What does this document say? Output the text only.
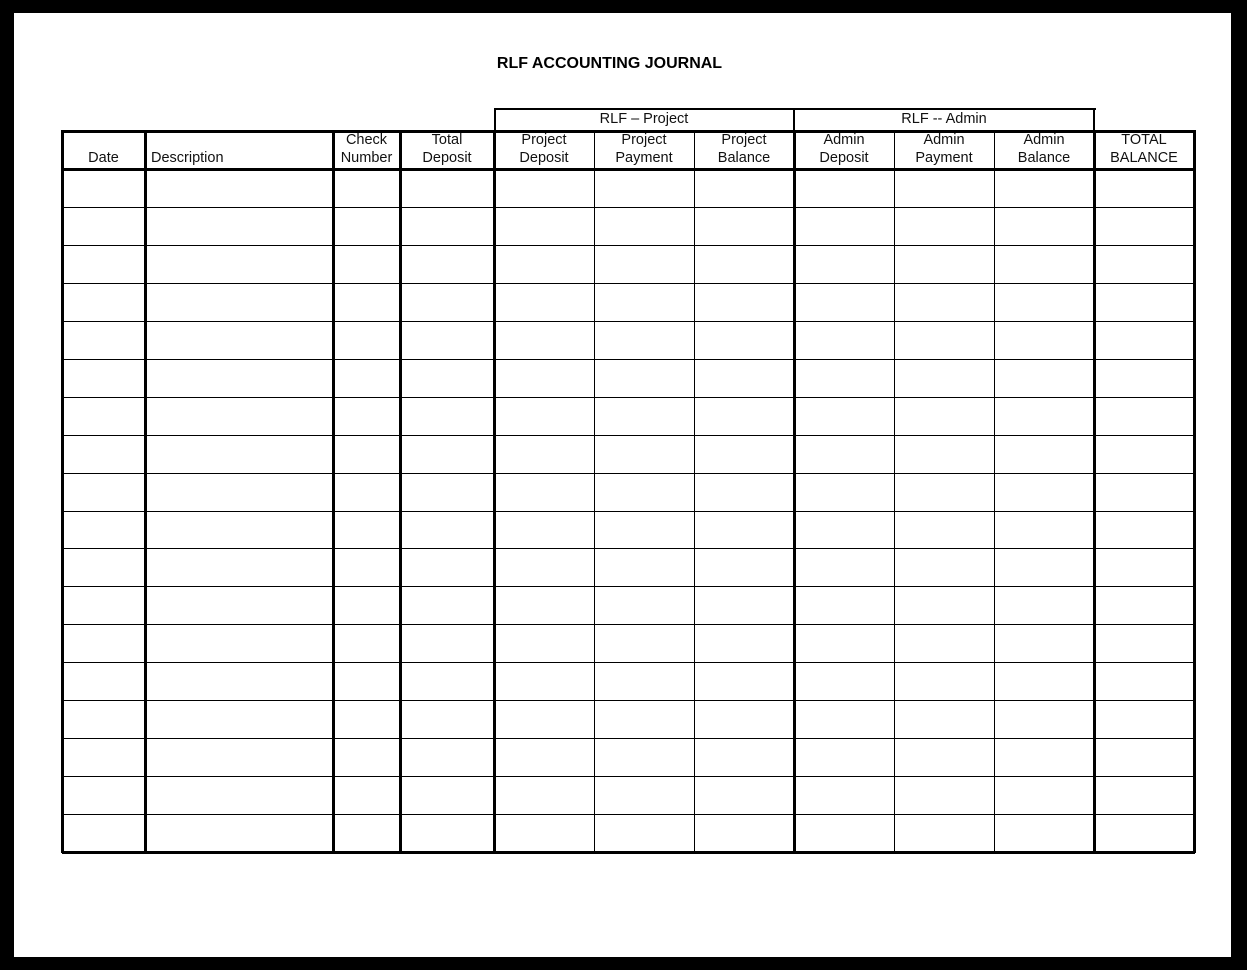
RLF ACCOUNTING JOURNAL
RLF – Project	RLF -- Admin
Date	Description
Check
Number
Total
Deposit
Project
Deposit
Project
Payment
Project
Balance
Admin
Deposit
Admin
Payment
Admin
Balance
TOTAL
BALANCE
